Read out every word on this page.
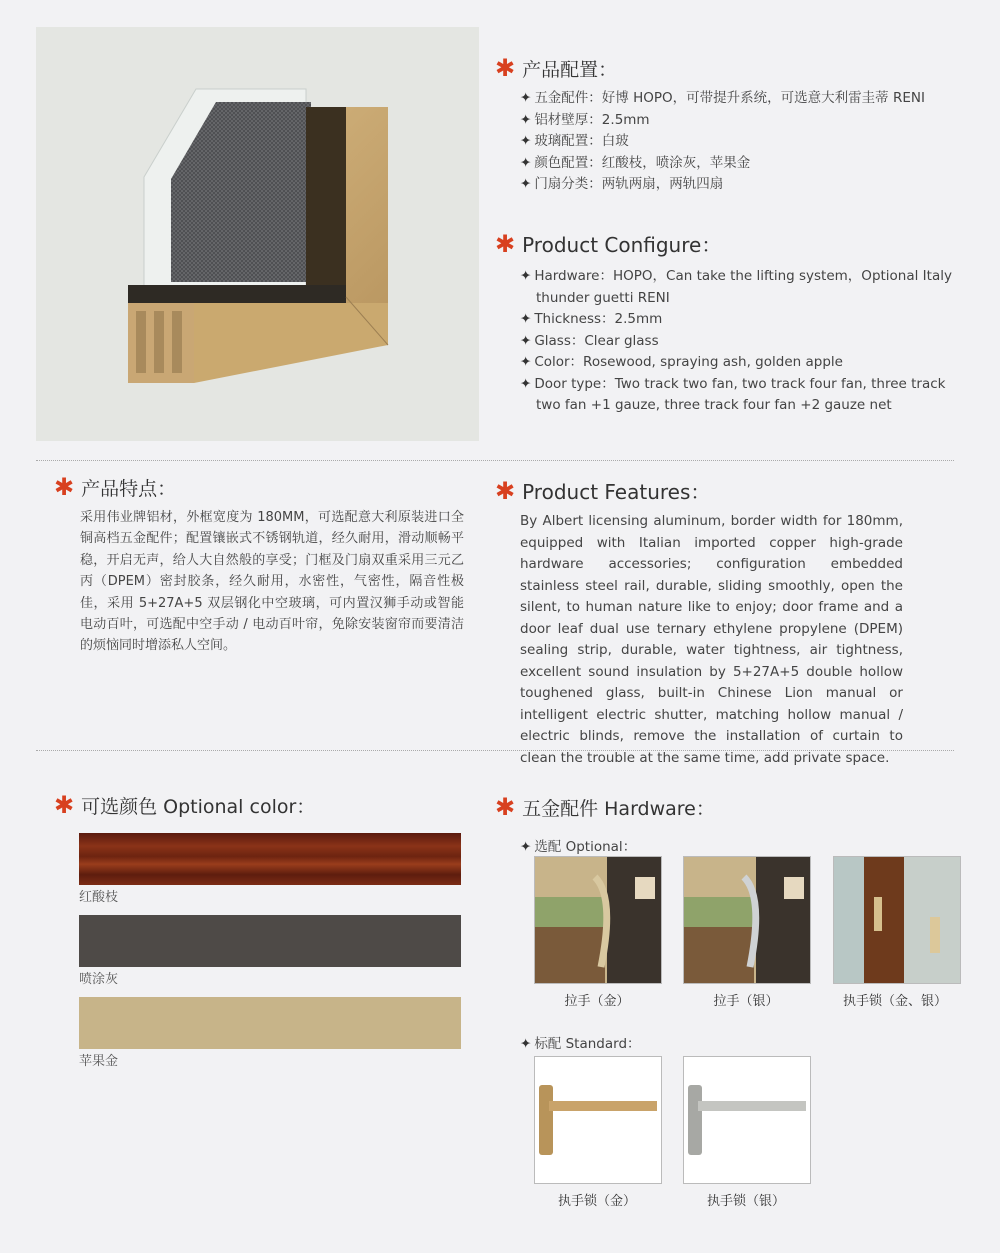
✱ 产品配置：
✦ 五金配件：好博 HOPO，可带提升系统，可选意大利雷圭蒂 RENI
✦ 铝材壁厚：2.5mm
✦ 玻璃配置：白玻
✦ 颜色配置：红酸枝，喷涂灰，苹果金
✦ 门扇分类：两轨两扇，两轨四扇
✱ Product Configure：
✦ Hardware：HOPO，Can take the lifting system，Optional Italy thunder guetti RENI
✦ Thickness：2.5mm
✦ Glass：Clear glass
✦ Color：Rosewood, spraying ash, golden apple
✦ Door type：Two track two fan, two track four fan, three track two fan +1 gauze, three track four fan +2 gauze net
✱ 产品特点：
采用伟业牌铝材，外框宽度为 180MM，可选配意大利原装进口全铜高档五金配件；配置镶嵌式不锈钢轨道，经久耐用，滑动顺畅平稳，开启无声，给人大自然般的享受；门框及门扇双重采用三元乙丙（DPEM）密封胶条，经久耐用，水密性，气密性，隔音性极佳，采用 5+27A+5 双层钢化中空玻璃，可内置汉狮手动或智能电动百叶，可选配中空手动 / 电动百叶帘，免除安装窗帘而要清洁的烦恼同时增添私人空间。
✱ Product Features：
By Albert licensing aluminum, border width for 180mm, equipped with Italian imported copper high-grade hardware accessories; configuration embedded stainless steel rail, durable, sliding smoothly, open the silent, to human nature like to enjoy; door frame and a door leaf dual use ternary ethylene propylene (DPEM) sealing strip, durable, water tightness, air tightness, excellent sound insulation by 5+27A+5 double hollow toughened glass, built-in Chinese Lion manual or intelligent electric shutter, matching hollow manual / electric blinds, remove the installation of curtain to clean the trouble at the same time, add private space.
✱ 可选颜色 Optional color：
红酸枝
喷涂灰
苹果金
✱ 五金配件 Hardware：
✦ 选配 Optional：
拉手（金）	拉手（银）	执手锁（金、银）
✦ 标配 Standard：
执手锁（金）	执手锁（银）
